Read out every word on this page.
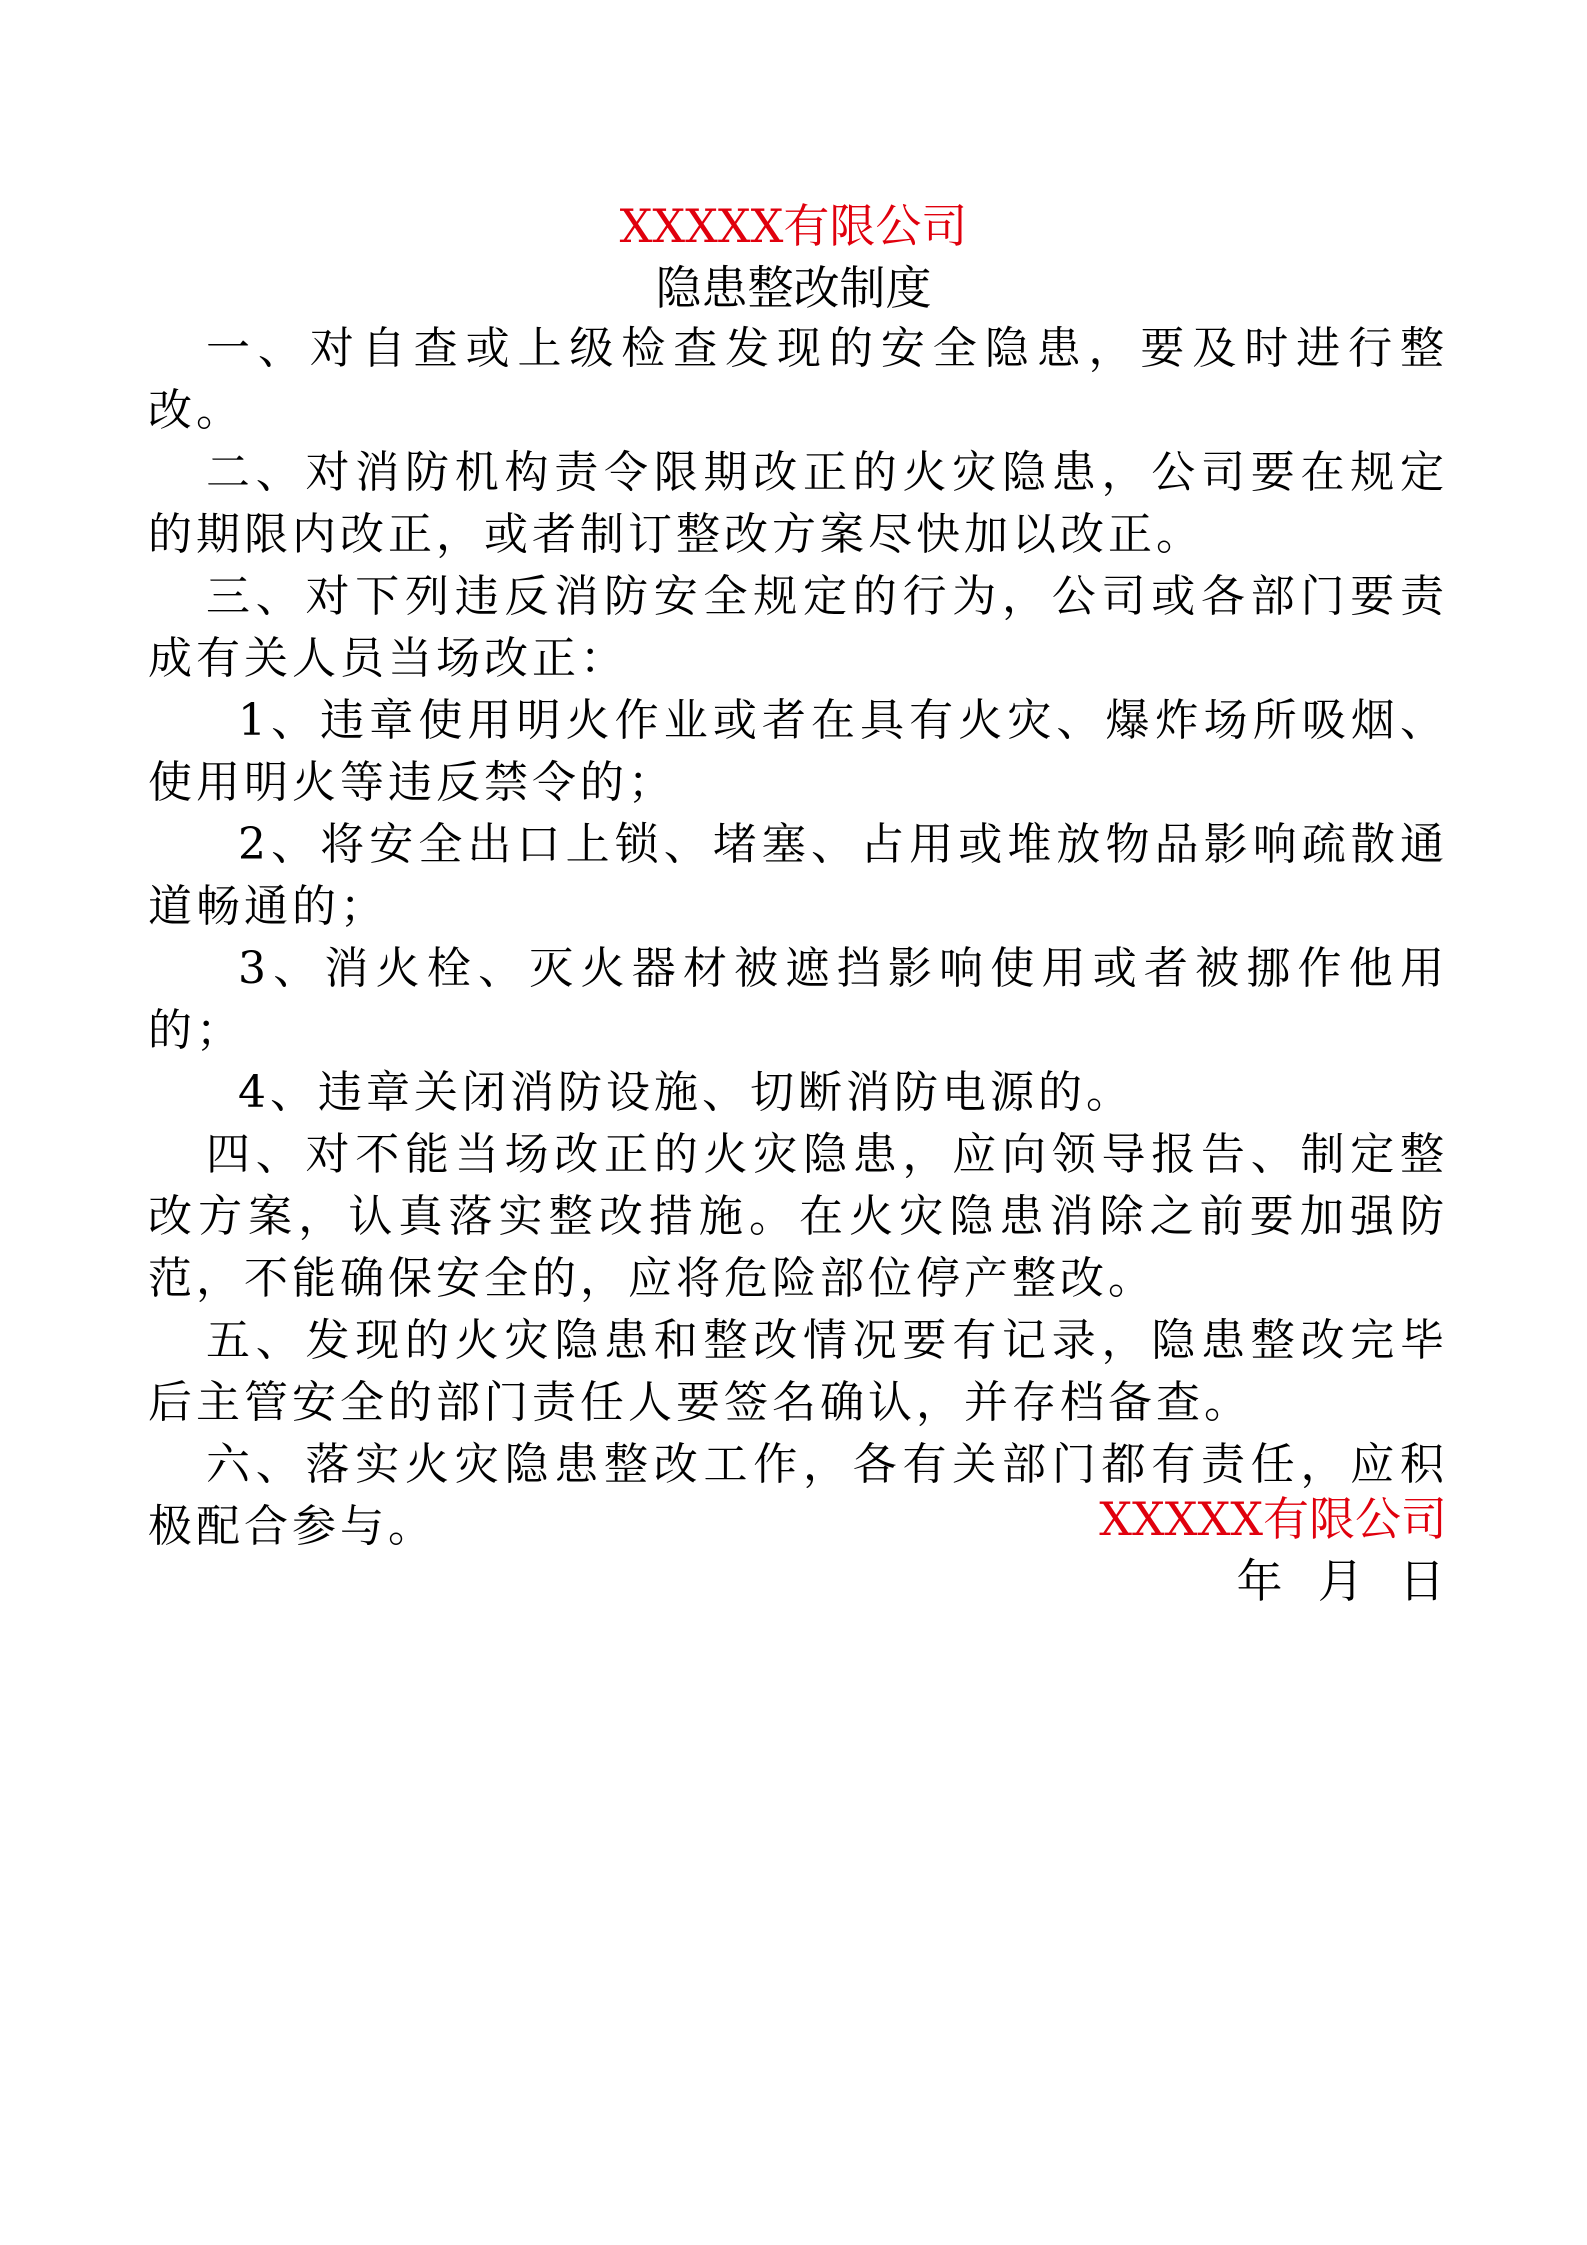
XXXXX有限公司
隐患整改制度

一、对自查或上级检查发现的安全隐患，要及时进行整改。

二、对消防机构责令限期改正的火灾隐患，公司要在规定的期限内改正，或者制订整改方案尽快加以改正。

三、对下列违反消防安全规定的行为，公司或各部门要责成有关人员当场改正：

1、违章使用明火作业或者在具有火灾、爆炸场所吸烟、使用明火等违反禁令的；

2、将安全出口上锁、堵塞、占用或堆放物品影响疏散通道畅通的；

3、消火栓、灭火器材被遮挡影响使用或者被挪作他用的；

4、违章关闭消防设施、切断消防电源的。

四、对不能当场改正的火灾隐患，应向领导报告、制定整改方案，认真落实整改措施。在火灾隐患消除之前要加强防范，不能确保安全的，应将危险部位停产整改。

五、发现的火灾隐患和整改情况要有记录，隐患整改完毕后主管安全的部门责任人要签名确认，并存档备查。

六、落实火灾隐患整改工作，各有关部门都有责任，应积极配合参与。	XXXXX有限公司
年  月  日
